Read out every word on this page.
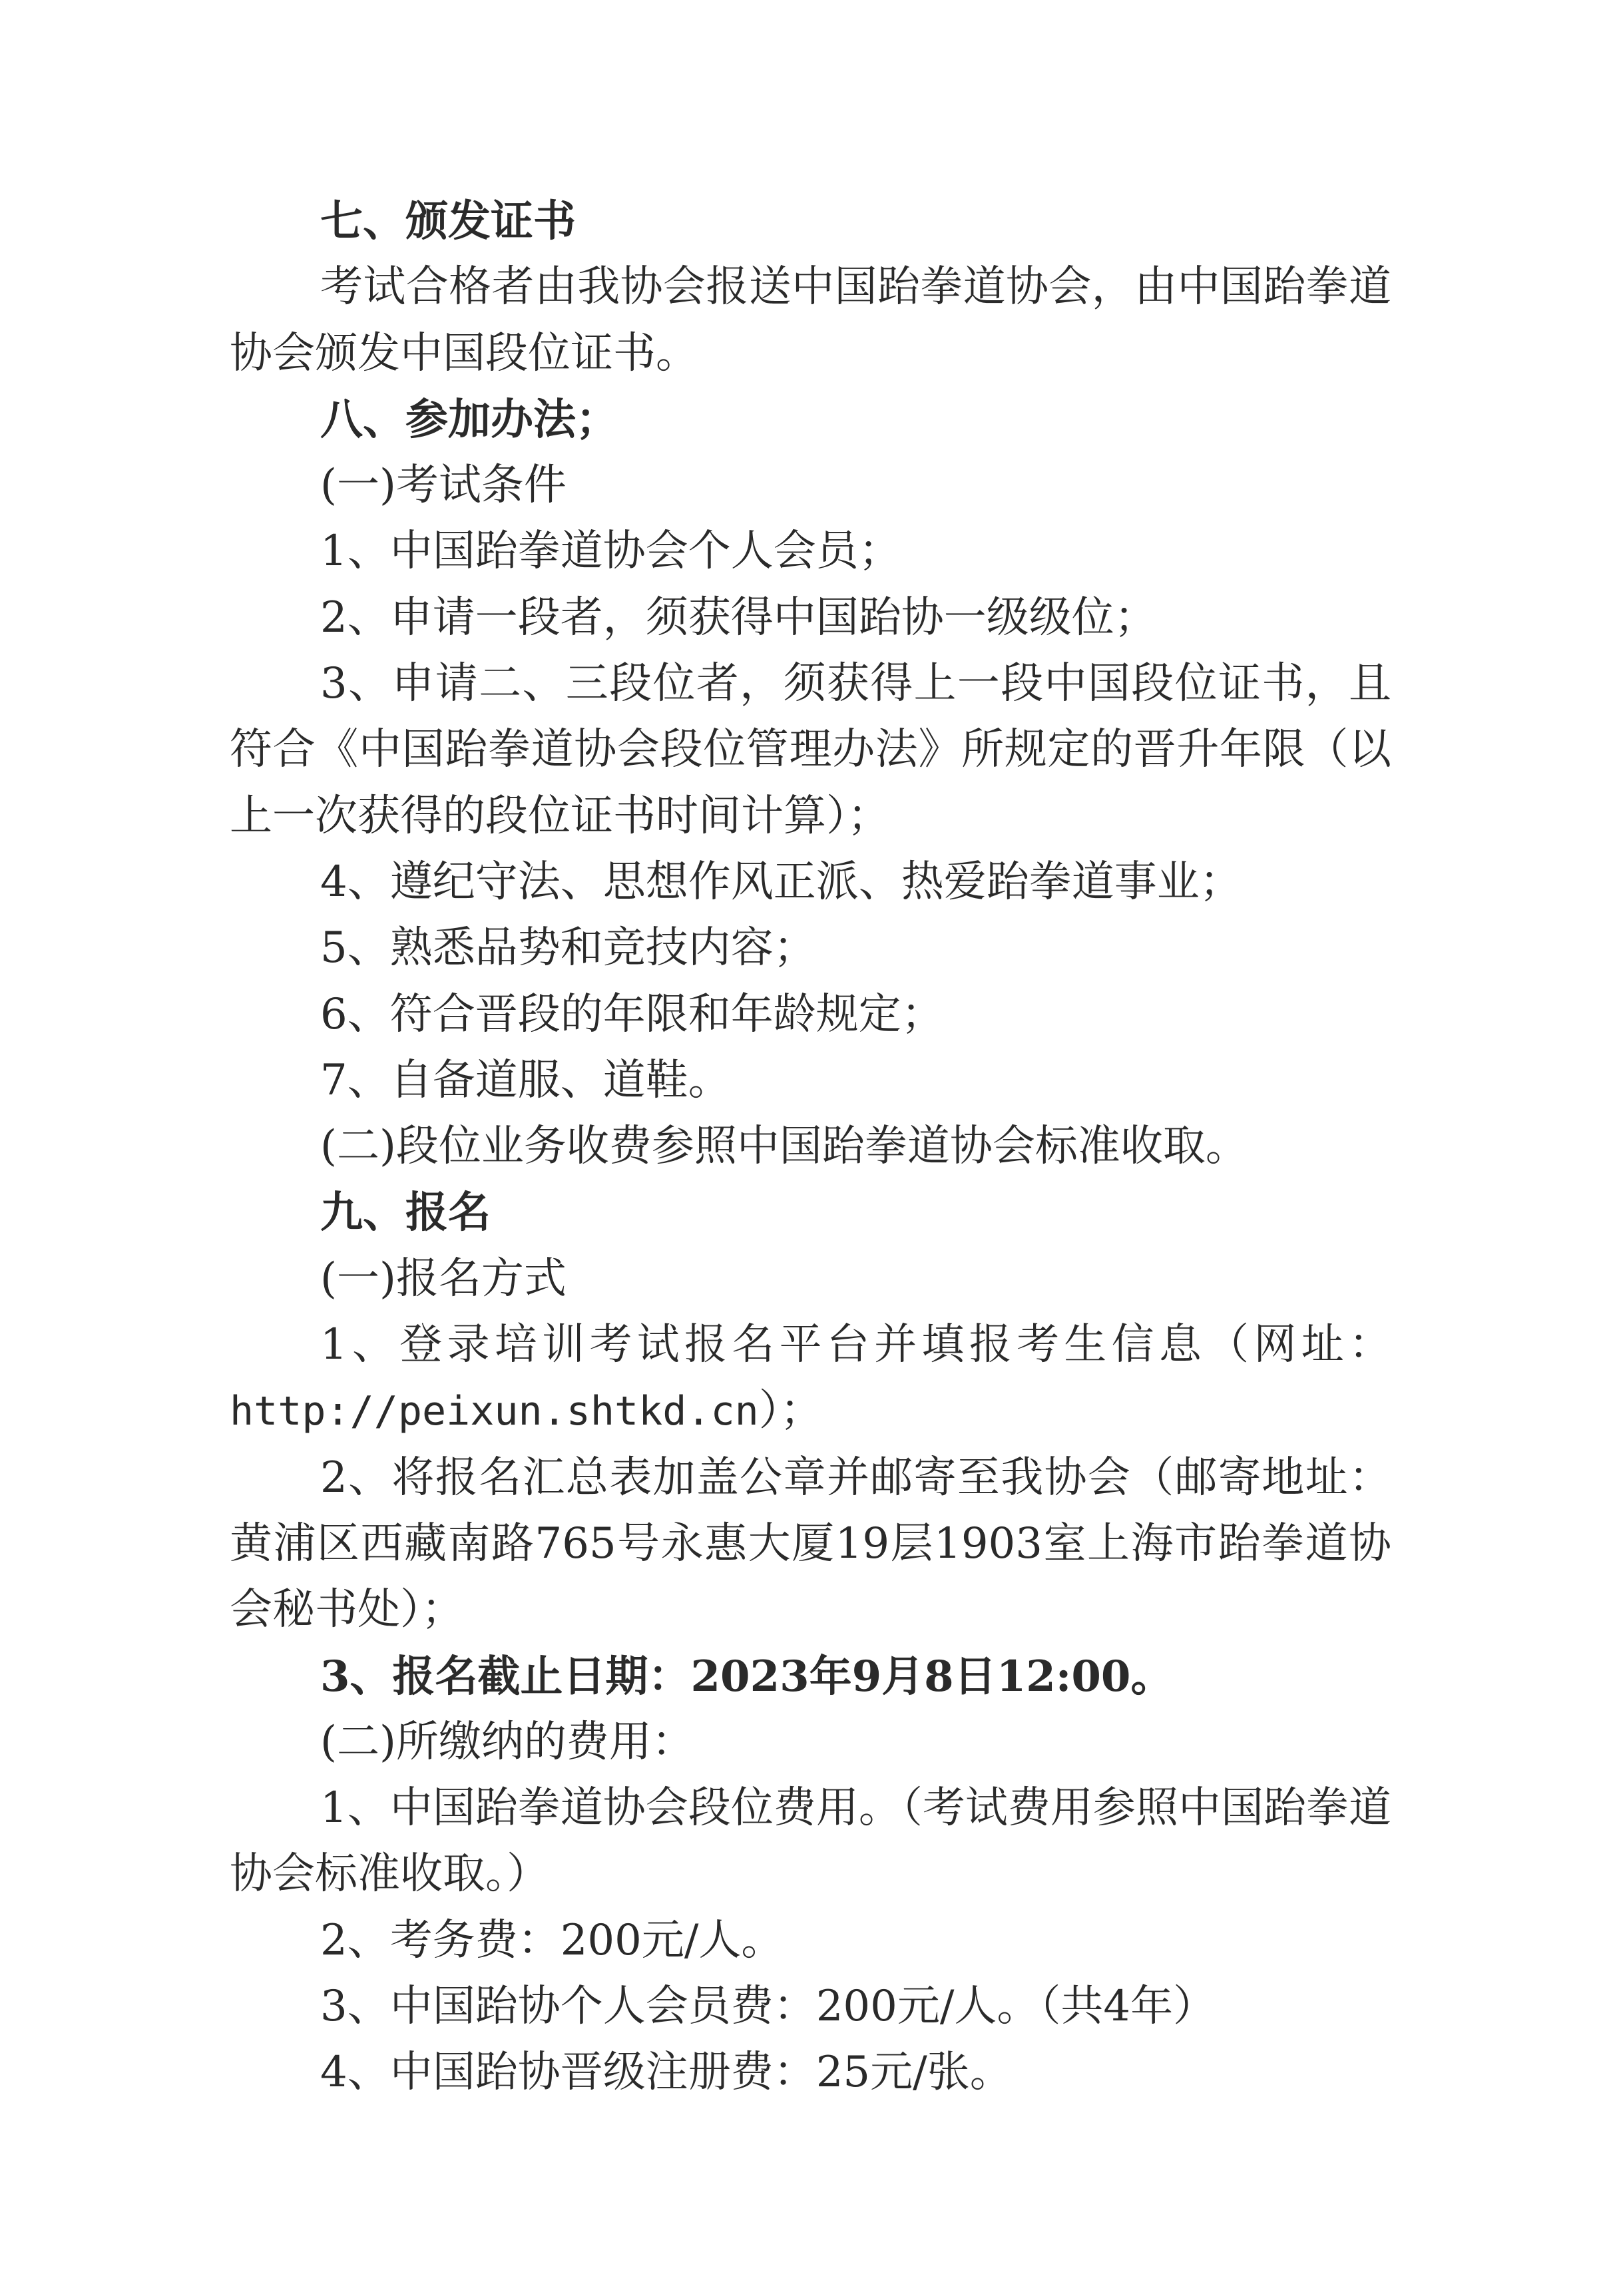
七、颁发证书

考试合格者由我协会报送中国跆拳道协会，由中国跆拳道协会颁发中国段位证书。

八、参加办法；

(一)考试条件

1、中国跆拳道协会个人会员；

2、申请一段者，须获得中国跆协一级级位；

3、申请二、三段位者，须获得上一段中国段位证书，且符合《中国跆拳道协会段位管理办法》所规定的晋升年限（以上一次获得的段位证书时间计算）；

4、遵纪守法、思想作风正派、热爱跆拳道事业；

5、熟悉品势和竞技内容；

6、符合晋段的年限和年龄规定；

7、自备道服、道鞋。

(二)段位业务收费参照中国跆拳道协会标准收取。

九、报名

(一)报名方式

1、登录培训考试报名平台并填报考生信息（网址：http://peixun.shtkd.cn）；

2、将报名汇总表加盖公章并邮寄至我协会（邮寄地址：黄浦区西藏南路765号永惠大厦19层1903室上海市跆拳道协会秘书处）；

3、报名截止日期：2023年9月8日12:00。

(二)所缴纳的费用：

1、中国跆拳道协会段位费用。（考试费用参照中国跆拳道协会标准收取。）

2、考务费：200元/人。

3、中国跆协个人会员费：200元/人。（共4年）

4、中国跆协晋级注册费：25元/张。
